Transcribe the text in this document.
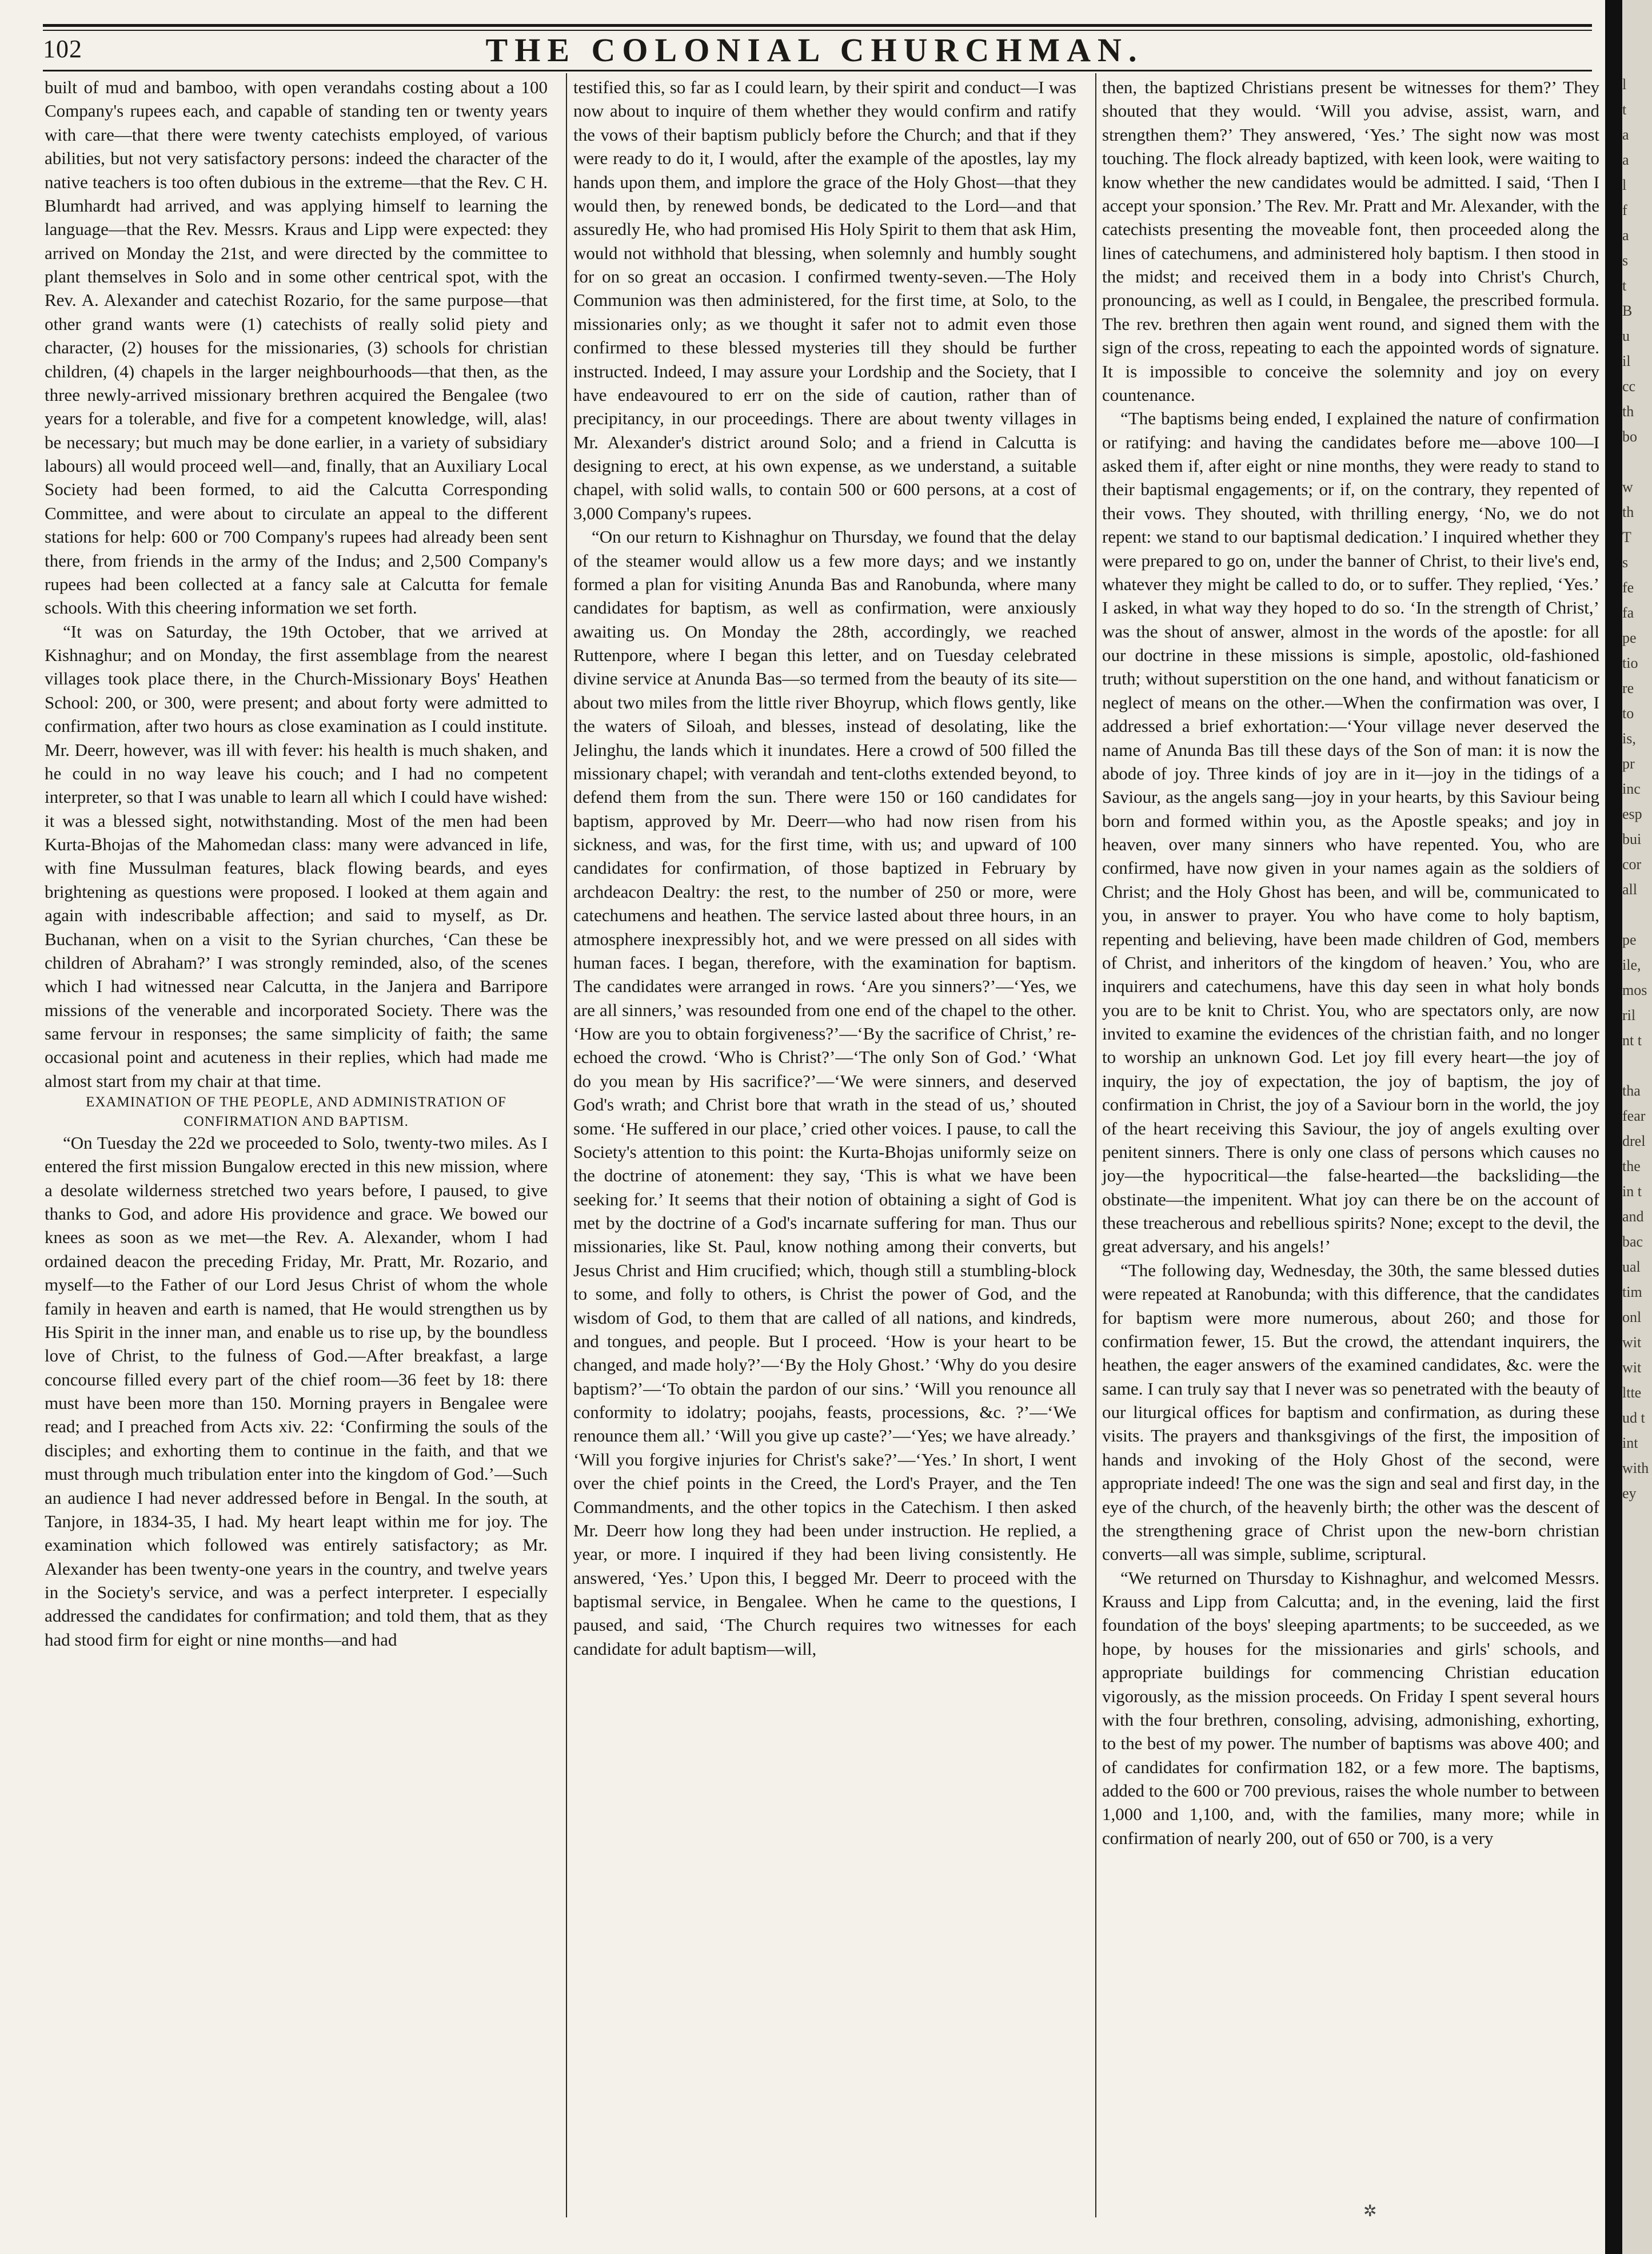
102	THE COLONIAL CHURCHMAN.

built of mud and bamboo, with open verandahs costing about a 100 Company's rupees each, and capable of standing ten or twenty years with care—that there were twenty catechists employed, of various abilities, but not very satisfactory persons: indeed the character of the native teachers is too often dubious in the extreme—that the Rev. C H. Blumhardt had arrived, and was applying himself to learning the language—that the Rev. Messrs. Kraus and Lipp were expected: they arrived on Monday the 21st, and were directed by the committee to plant themselves in Solo and in some other centrical spot, with the Rev. A. Alexander and catechist Rozario, for the same purpose—that other grand wants were (1) catechists of really solid piety and character, (2) houses for the missionaries, (3) schools for christian children, (4) chapels in the larger neighbourhoods—that then, as the three newly-arrived missionary brethren acquired the Bengalee (two years for a tolerable, and five for a competent knowledge, will, alas! be necessary; but much may be done earlier, in a variety of subsidiary labours) all would proceed well—and, finally, that an Auxiliary Local Society had been formed, to aid the Calcutta Corresponding Committee, and were about to circulate an appeal to the different stations for help: 600 or 700 Company's rupees had already been sent there, from friends in the army of the Indus; and 2,500 Company's rupees had been collected at a fancy sale at Calcutta for female schools. With this cheering information we set forth.

“It was on Saturday, the 19th October, that we arrived at Kishnaghur; and on Monday, the first assemblage from the nearest villages took place there, in the Church-Missionary Boys' Heathen School: 200, or 300, were present; and about forty were admitted to confirmation, after two hours as close examination as I could institute. Mr. Deerr, however, was ill with fever: his health is much shaken, and he could in no way leave his couch; and I had no competent interpreter, so that I was unable to learn all which I could have wished: it was a blessed sight, notwithstanding. Most of the men had been Kurta-Bhojas of the Mahomedan class: many were advanced in life, with fine Mussulman features, black flowing beards, and eyes brightening as questions were proposed. I looked at them again and again with indescribable affection; and said to myself, as Dr. Buchanan, when on a visit to the Syrian churches, ‘Can these be children of Abraham?’ I was strongly reminded, also, of the scenes which I had witnessed near Calcutta, in the Janjera and Barripore missions of the venerable and incorporated Society. There was the same fervour in responses; the same simplicity of faith; the same occasional point and acuteness in their replies, which had made me almost start from my chair at that time.

EXAMINATION OF THE PEOPLE, AND ADMINISTRATION OF CONFIRMATION AND BAPTISM.

“On Tuesday the 22d we proceeded to Solo, twenty-two miles. As I entered the first mission Bungalow erected in this new mission, where a desolate wilderness stretched two years before, I paused, to give thanks to God, and adore His providence and grace. We bowed our knees as soon as we met—the Rev. A. Alexander, whom I had ordained deacon the preceding Friday, Mr. Pratt, Mr. Rozario, and myself—to the Father of our Lord Jesus Christ of whom the whole family in heaven and earth is named, that He would strengthen us by His Spirit in the inner man, and enable us to rise up, by the boundless love of Christ, to the fulness of God.—After breakfast, a large concourse filled every part of the chief room—36 feet by 18: there must have been more than 150. Morning prayers in Bengalee were read; and I preached from Acts xiv. 22: ‘Confirming the souls of the disciples; and exhorting them to continue in the faith, and that we must through much tribulation enter into the kingdom of God.’—Such an audience I had never addressed before in Bengal. In the south, at Tanjore, in 1834-35, I had. My heart leapt within me for joy. The examination which followed was entirely satisfactory; as Mr. Alexander has been twenty-one years in the country, and twelve years in the Society's service, and was a perfect interpreter. I especially addressed the candidates for confirmation; and told them, that as they had stood firm for eight or nine months—and had

testified this, so far as I could learn, by their spirit and conduct—I was now about to inquire of them whether they would confirm and ratify the vows of their baptism publicly before the Church; and that if they were ready to do it, I would, after the example of the apostles, lay my hands upon them, and implore the grace of the Holy Ghost—that they would then, by renewed bonds, be dedicated to the Lord—and that assuredly He, who had promised His Holy Spirit to them that ask Him, would not withhold that blessing, when solemnly and humbly sought for on so great an occasion. I confirmed twenty-seven.—The Holy Communion was then administered, for the first time, at Solo, to the missionaries only; as we thought it safer not to admit even those confirmed to these blessed mysteries till they should be further instructed. Indeed, I may assure your Lordship and the Society, that I have endeavoured to err on the side of caution, rather than of precipitancy, in our proceedings. There are about twenty villages in Mr. Alexander's district around Solo; and a friend in Calcutta is designing to erect, at his own expense, as we understand, a suitable chapel, with solid walls, to contain 500 or 600 persons, at a cost of 3,000 Company's rupees.

“On our return to Kishnaghur on Thursday, we found that the delay of the steamer would allow us a few more days; and we instantly formed a plan for visiting Anunda Bas and Ranobunda, where many candidates for baptism, as well as confirmation, were anxiously awaiting us. On Monday the 28th, accordingly, we reached Ruttenpore, where I began this letter, and on Tuesday celebrated divine service at Anunda Bas—so termed from the beauty of its site—about two miles from the little river Bhoyrup, which flows gently, like the waters of Siloah, and blesses, instead of desolating, like the Jelinghu, the lands which it inundates. Here a crowd of 500 filled the missionary chapel; with verandah and tent-cloths extended beyond, to defend them from the sun. There were 150 or 160 candidates for baptism, approved by Mr. Deerr—who had now risen from his sickness, and was, for the first time, with us; and upward of 100 candidates for confirmation, of those baptized in February by archdeacon Dealtry: the rest, to the number of 250 or more, were catechumens and heathen. The service lasted about three hours, in an atmosphere inexpressibly hot, and we were pressed on all sides with human faces. I began, therefore, with the examination for baptism. The candidates were arranged in rows. ‘Are you sinners?’—‘Yes, we are all sinners,’ was resounded from one end of the chapel to the other. ‘How are you to obtain forgiveness?’—‘By the sacrifice of Christ,’ re-echoed the crowd. ‘Who is Christ?’—‘The only Son of God.’ ‘What do you mean by His sacrifice?’—‘We were sinners, and deserved God's wrath; and Christ bore that wrath in the stead of us,’ shouted some. ‘He suffered in our place,’ cried other voices. I pause, to call the Society's attention to this point: the Kurta-Bhojas uniformly seize on the doctrine of atonement: they say, ‘This is what we have been seeking for.’ It seems that their notion of obtaining a sight of God is met by the doctrine of a God's incarnate suffering for man. Thus our missionaries, like St. Paul, know nothing among their converts, but Jesus Christ and Him crucified; which, though still a stumbling-block to some, and folly to others, is Christ the power of God, and the wisdom of God, to them that are called of all nations, and kindreds, and tongues, and people. But I proceed. ‘How is your heart to be changed, and made holy?’—‘By the Holy Ghost.’ ‘Why do you desire baptism?’—‘To obtain the pardon of our sins.’ ‘Will you renounce all conformity to idolatry; poojahs, feasts, processions, &c. ?’—‘We renounce them all.’ ‘Will you give up caste?’—‘Yes; we have already.’ ‘Will you forgive injuries for Christ's sake?’—‘Yes.’ In short, I went over the chief points in the Creed, the Lord's Prayer, and the Ten Commandments, and the other topics in the Catechism. I then asked Mr. Deerr how long they had been under instruction. He replied, a year, or more. I inquired if they had been living consistently. He answered, ‘Yes.’ Upon this, I begged Mr. Deerr to proceed with the baptismal service, in Bengalee. When he came to the questions, I paused, and said, ‘The Church requires two witnesses for each candidate for adult baptism—will,

then, the baptized Christians present be witnesses for them?’ They shouted that they would. ‘Will you advise, assist, warn, and strengthen them?’ They answered, ‘Yes.’ The sight now was most touching. The flock already baptized, with keen look, were waiting to know whether the new candidates would be admitted. I said, ‘Then I accept your sponsion.’ The Rev. Mr. Pratt and Mr. Alexander, with the catechists presenting the moveable font, then proceeded along the lines of catechumens, and administered holy baptism. I then stood in the midst; and received them in a body into Christ's Church, pronouncing, as well as I could, in Bengalee, the prescribed formula. The rev. brethren then again went round, and signed them with the sign of the cross, repeating to each the appointed words of signature. It is impossible to conceive the solemnity and joy on every countenance.

“The baptisms being ended, I explained the nature of confirmation or ratifying: and having the candidates before me—above 100—I asked them if, after eight or nine months, they were ready to stand to their baptismal engagements; or if, on the contrary, they repented of their vows. They shouted, with thrilling energy, ‘No, we do not repent: we stand to our baptismal dedication.’ I inquired whether they were prepared to go on, under the banner of Christ, to their live's end, whatever they might be called to do, or to suffer. They replied, ‘Yes.’ I asked, in what way they hoped to do so. ‘In the strength of Christ,’ was the shout of answer, almost in the words of the apostle: for all our doctrine in these missions is simple, apostolic, old-fashioned truth; without superstition on the one hand, and without fanaticism or neglect of means on the other.—When the confirmation was over, I addressed a brief exhortation:—‘Your village never deserved the name of Anunda Bas till these days of the Son of man: it is now the abode of joy. Three kinds of joy are in it—joy in the tidings of a Saviour, as the angels sang—joy in your hearts, by this Saviour being born and formed within you, as the Apostle speaks; and joy in heaven, over many sinners who have repented. You, who are confirmed, have now given in your names again as the soldiers of Christ; and the Holy Ghost has been, and will be, communicated to you, in answer to prayer. You who have come to holy baptism, repenting and believing, have been made children of God, members of Christ, and inheritors of the kingdom of heaven.’ You, who are inquirers and catechumens, have this day seen in what holy bonds you are to be knit to Christ. You, who are spectators only, are now invited to examine the evidences of the christian faith, and no longer to worship an unknown God. Let joy fill every heart—the joy of inquiry, the joy of expectation, the joy of baptism, the joy of confirmation in Christ, the joy of a Saviour born in the world, the joy of the heart receiving this Saviour, the joy of angels exulting over penitent sinners. There is only one class of persons which causes no joy—the hypocritical—the false-hearted—the backsliding—the obstinate—the impenitent. What joy can there be on the account of these treacherous and rebellious spirits? None; except to the devil, the great adversary, and his angels!’

“The following day, Wednesday, the 30th, the same blessed duties were repeated at Ranobunda; with this difference, that the candidates for baptism were more numerous, about 260; and those for confirmation fewer, 15. But the crowd, the attendant inquirers, the heathen, the eager answers of the examined candidates, &c. were the same. I can truly say that I never was so penetrated with the beauty of our liturgical offices for baptism and confirmation, as during these visits. The prayers and thanksgivings of the first, the imposition of hands and invoking of the Holy Ghost of the second, were appropriate indeed! The one was the sign and seal and first day, in the eye of the church, of the heavenly birth; the other was the descent of the strengthening grace of Christ upon the new-born christian converts—all was simple, sublime, scriptural.

“We returned on Thursday to Kishnaghur, and welcomed Messrs. Krauss and Lipp from Calcutta; and, in the evening, laid the first foundation of the boys' sleeping apartments; to be succeeded, as we hope, by houses for the missionaries and girls' schools, and appropriate buildings for commencing Christian education vigorously, as the mission proceeds. On Friday I spent several hours with the four brethren, consoling, advising, admonishing, exhorting, to the best of my power. The number of baptisms was above 400; and of candidates for confirmation 182, or a few more. The baptisms, added to the 600 or 700 previous, raises the whole number to between 1,000 and 1,100, and, with the families, many more; while in confirmation of nearly 200, out of 650 or 700, is a very

l
t
a
a
l
f
a
s
t
B
u
il
cc
th
bo
w
th
T
s
fe
fa
pe
tio
re
to
is,
pr
inc
esp
bui
cor
all
pe
ile,
mos
ril
nt t
tha
fear
drel
the
in t
and
bac
ual
tim
onl
wit
wit
ltte
ud t
int
with
ey
✲
